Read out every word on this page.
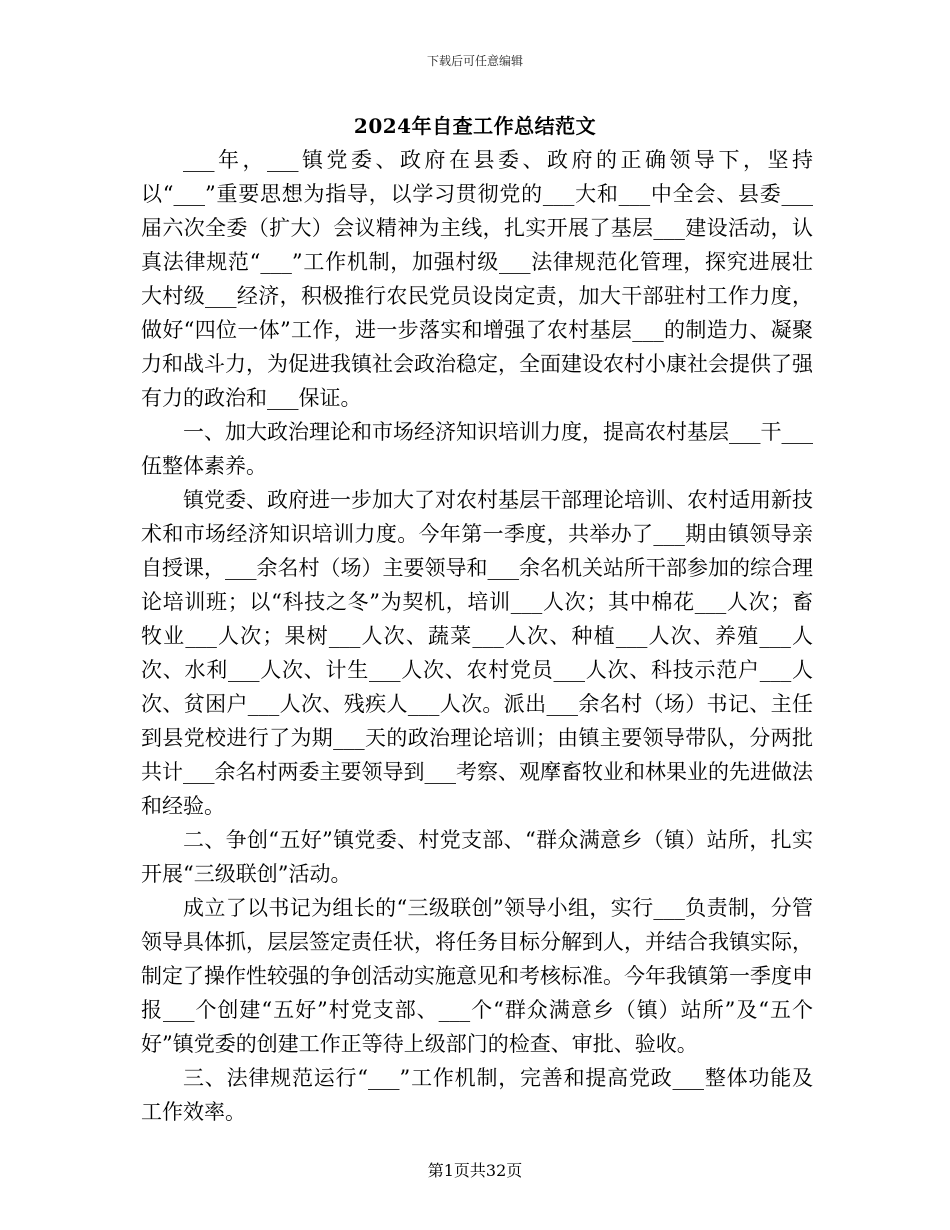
下载后可任意编辑
2024年自查工作总结范文

___年，___镇党委、政府在县委、政府的正确领导下，坚持以“___”重要思想为指导，以学习贯彻党的___大和___中全会、县委___届六次全委（扩大）会议精神为主线，扎实开展了基层___建设活动，认真法律规范“___”工作机制，加强村级___法律规范化管理，探究进展壮大村级___经济，积极推行农民党员设岗定责，加大干部驻村工作力度，做好“四位一体”工作，进一步落实和增强了农村基层___的制造力、凝聚力和战斗力，为促进我镇社会政治稳定，全面建设农村小康社会提供了强有力的政治和___保证。

一、加大政治理论和市场经济知识培训力度，提高农村基层___干___伍整体素养。

镇党委、政府进一步加大了对农村基层干部理论培训、农村适用新技术和市场经济知识培训力度。今年第一季度，共举办了___期由镇领导亲自授课，___余名村（场）主要领导和___余名机关站所干部参加的综合理论培训班；以“科技之冬”为契机，培训___人次；其中棉花___人次；畜牧业___人次；果树___人次、蔬菜___人次、种植___人次、养殖___人次、水利___人次、计生___人次、农村党员___人次、科技示范户___人次、贫困户___人次、残疾人___人次。派出___余名村（场）书记、主任到县党校进行了为期___天的政治理论培训；由镇主要领导带队，分两批共计___余名村两委主要领导到___考察、观摩畜牧业和林果业的先进做法和经验。

二、争创“五好”镇党委、村党支部、“群众满意乡（镇）站所，扎实开展“三级联创”活动。

成立了以书记为组长的“三级联创”领导小组，实行___负责制，分管领导具体抓，层层签定责任状，将任务目标分解到人，并结合我镇实际，制定了操作性较强的争创活动实施意见和考核标准。今年我镇第一季度申报___个创建“五好”村党支部、___个“群众满意乡（镇）站所”及“五个好”镇党委的创建工作正等待上级部门的检查、审批、验收。

三、法律规范运行“___”工作机制，完善和提高党政___整体功能及工作效率。

第1页共32页
